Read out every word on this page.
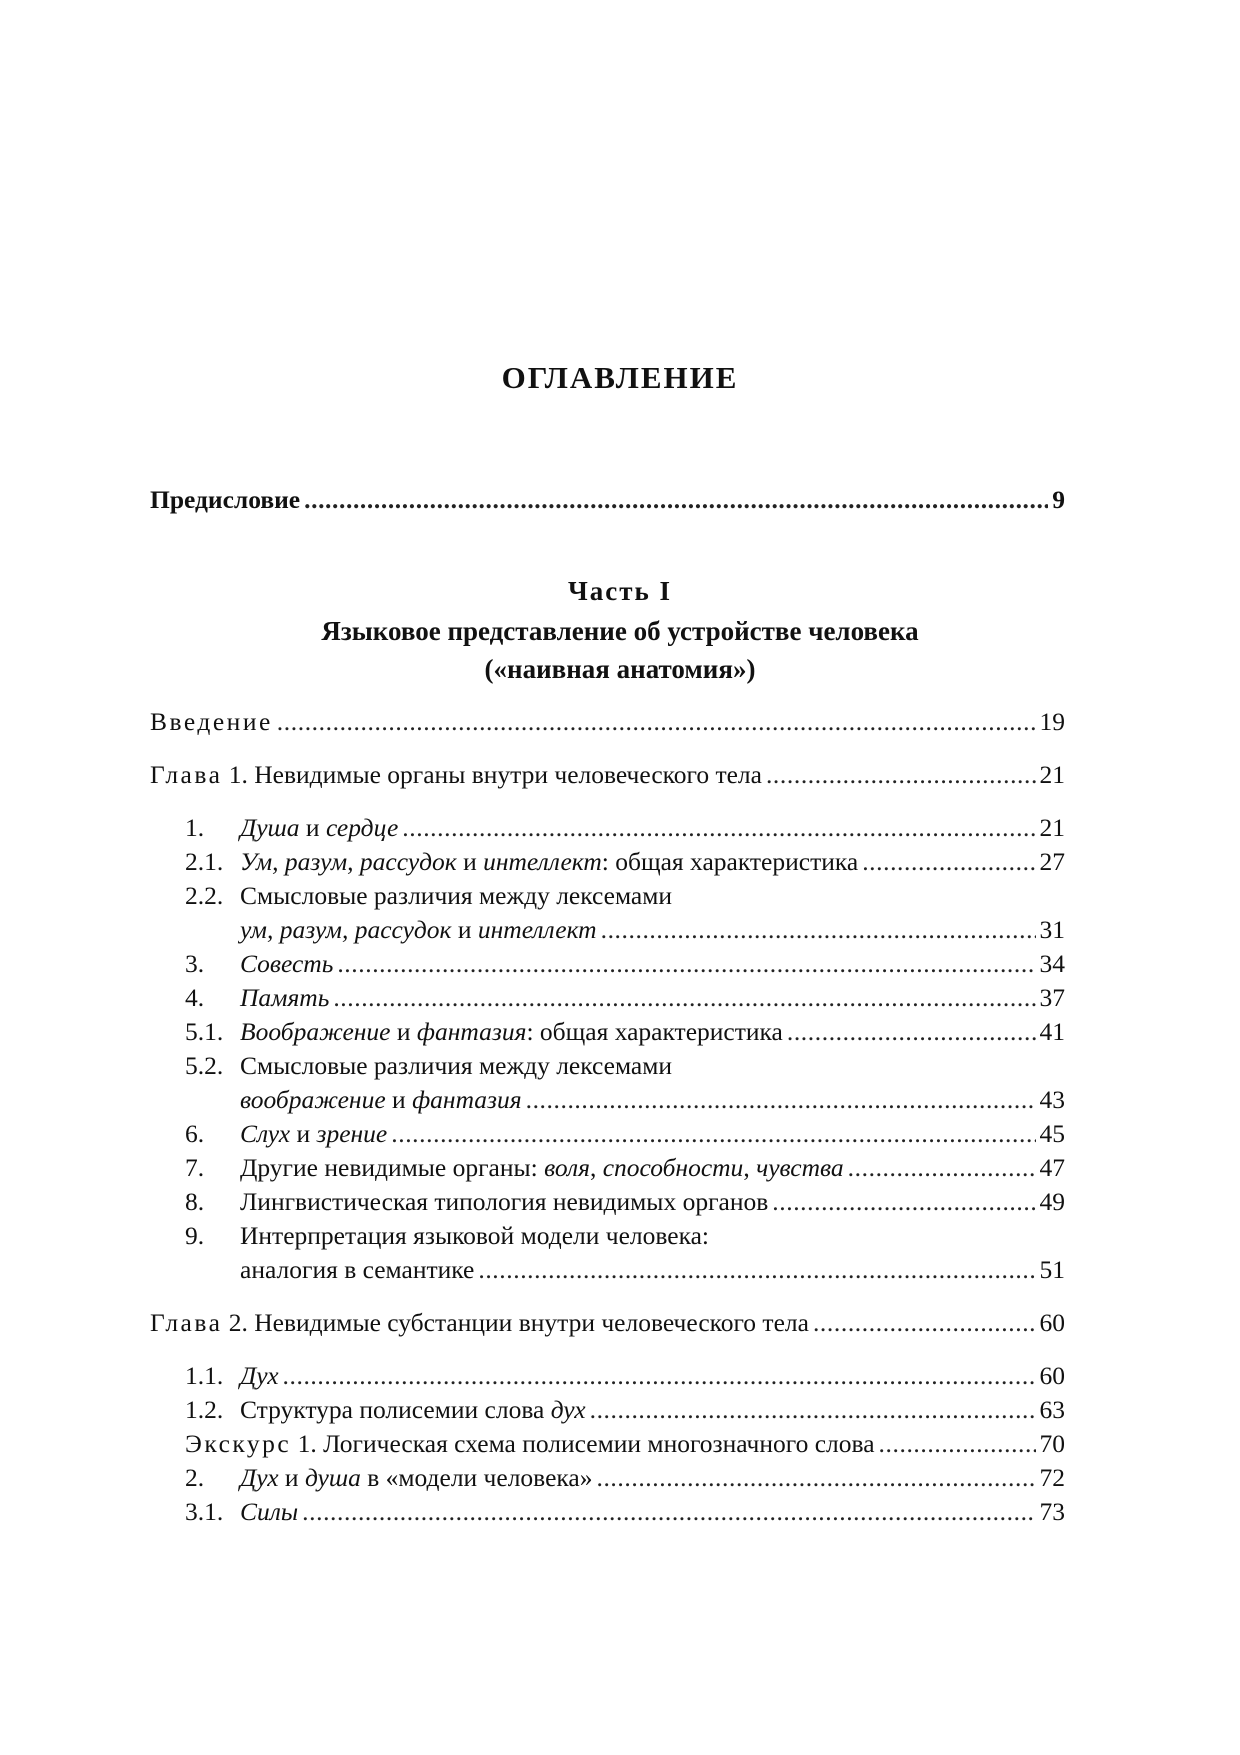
ОГЛАВЛЕНИЕ
Предисловие .....	9
Часть I
Языковое представление об устройстве человека
(«наивная анатомия»)
Введение .....	19
Глава 1. Невидимые органы внутри человеческого тела .....	21
1. Душа и сердце .....	21
2.1. Ум, разум, рассудок и интеллект: общая характеристика .....	27
2.2. Смысловые различия между лексемами
ум, разум, рассудок и интеллект .....	31
3. Совесть .....	34
4. Память .....	37
5.1. Воображение и фантазия: общая характеристика .....	41
5.2. Смысловые различия между лексемами
воображение и фантазия .....	43
6. Слух и зрение .....	45
7. Другие невидимые органы: воля, способности, чувства .....	47
8. Лингвистическая типология невидимых органов .....	49
9. Интерпретация языковой модели человека:
аналогия в семантике .....	51
Глава 2. Невидимые субстанции внутри человеческого тела .....	60
1.1. Дух .....	60
1.2. Структура полисемии слова дух .....	63
Экскурс 1. Логическая схема полисемии многозначного слова .....	70
2. Дух и душа в «модели человека» .....	72
3.1. Силы .....	73
